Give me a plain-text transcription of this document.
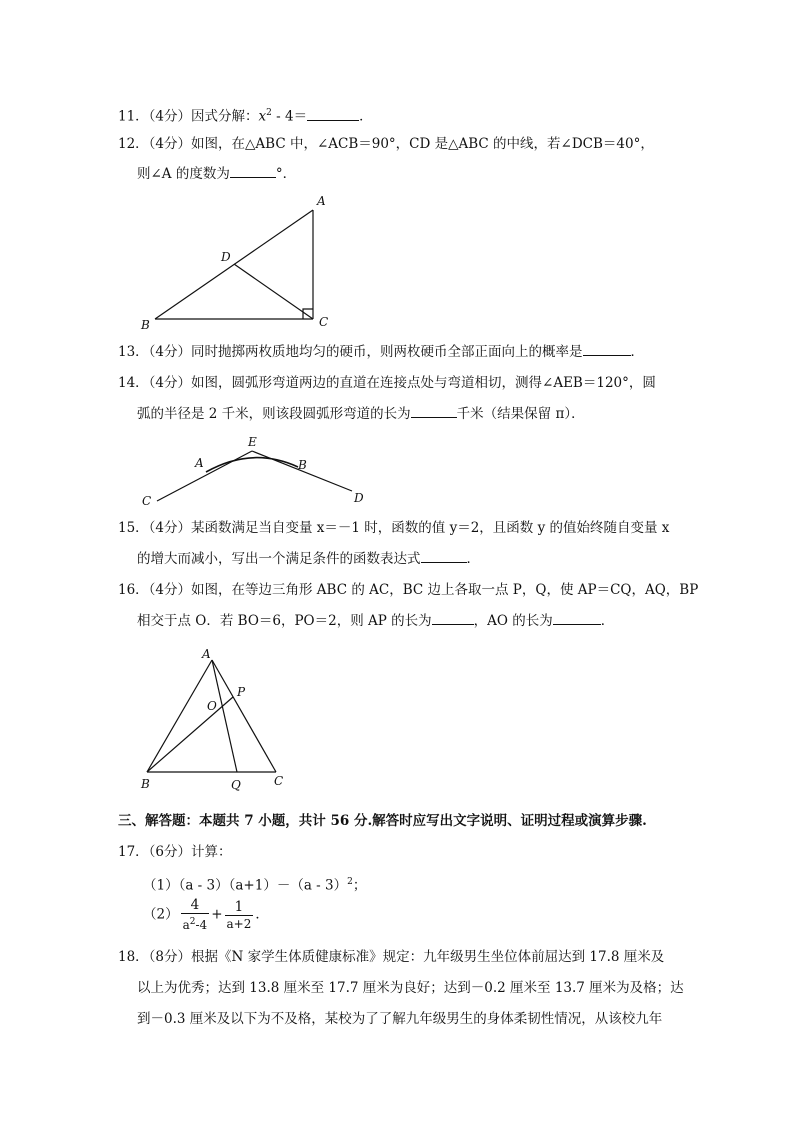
11．（4分）因式分解：$x^2 - 4=$	．
12．（4分）如图，在△ABC 中，∠ACB＝90°，CD 是△ABC 的中线，若∠DCB＝40°，
则∠A 的度数为	°．
A
B	C
D
13．（4分）同时抛掷两枚质地均匀的硬币，则两枚硬币全部正面向上的概率是	．
14．（4分）如图，圆弧形弯道两边的直道在连接点处与弯道相切，测得∠AEB＝120°，圆
弧的半径是 2 千米，则该段圆弧形弯道的长为	千米（结果保留 π）．
A	B
C	D
E
15．（4分）某函数满足当自变量 x＝－1 时，函数的值 y＝2，且函数 y 的值始终随自变量 x
的增大而减小，写出一个满足条件的函数表达式	．
16．（4分）如图，在等边三角形 ABC 的 AC，BC 边上各取一点 P，Q，使 AP＝CQ，AQ，BP
相交于点 O．若 BO＝6，PO＝2，则 AP 的长为	，AO 的长为	．
A
B	C
P
Q
O
三、解答题：本题共 7 小题，共计 56 分.解答时应写出文字说明、证明过程或演算步骤.
17．（6分）计算：
（1）（a - 3）（a+1）－（a - 3）$^2$；
$(2) \frac{4}{a^2-4} + \frac{1}{a+2}$ ．
18．（8分）根据《N 家学生体质健康标准》规定：九年级男生坐位体前屈达到 17.8 厘米及
以上为优秀；达到 13.8 厘米至 17.7 厘米为良好；达到－0.2 厘米至 13.7 厘米为及格；达
到－0.3 厘米及以下为不及格，某校为了了解九年级男生的身体柔韧性情况，从该校九年
